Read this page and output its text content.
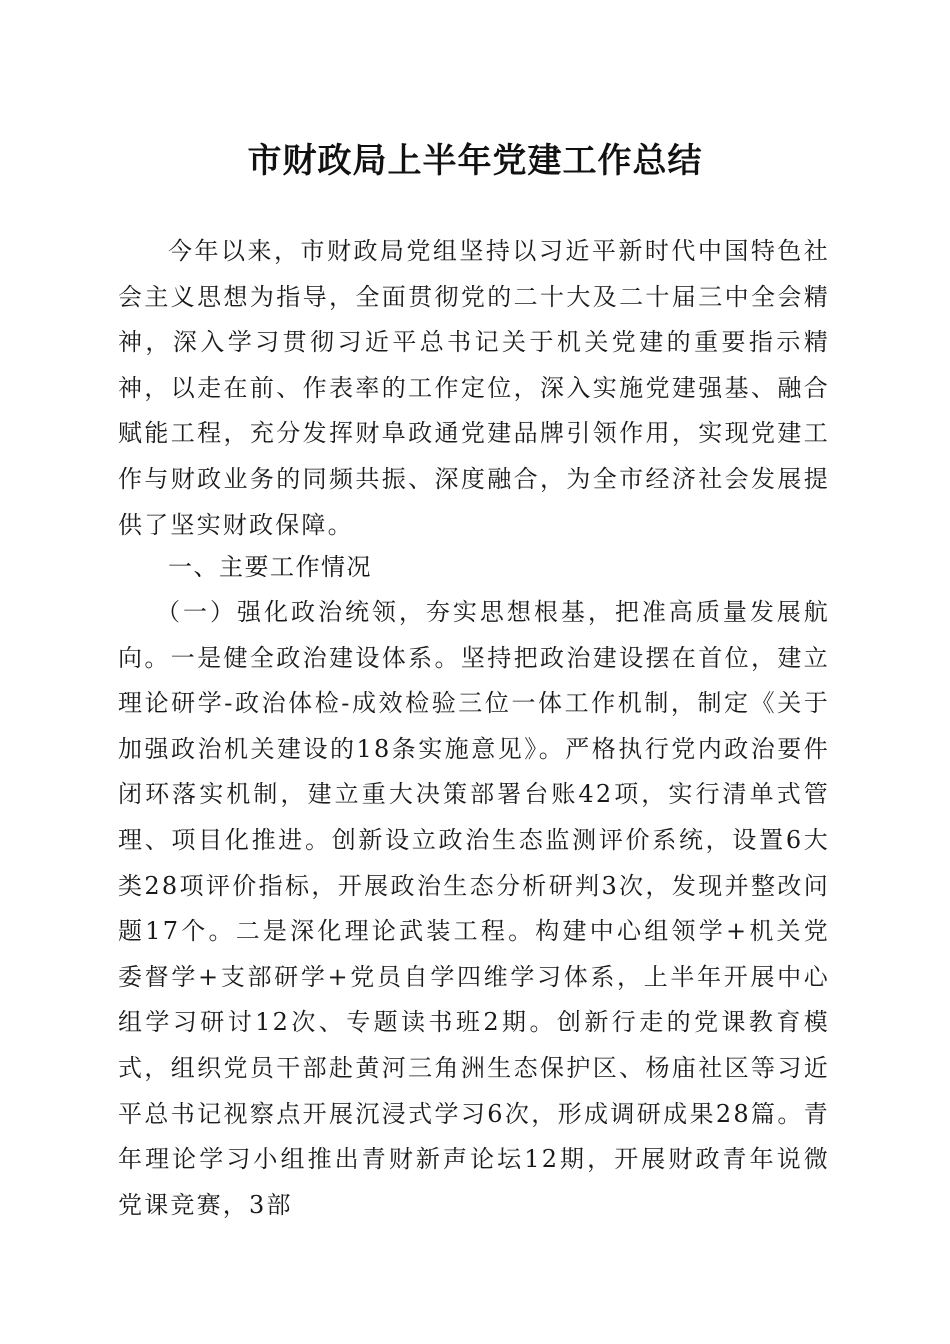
市财政局上半年党建工作总结
今年以来，市财政局党组坚持以习近平新时代中国特色社会主义思想为指导，全面贯彻党的二十大及二十届三中全会精神，深入学习贯彻习近平总书记关于机关党建的重要指示精神，以走在前、作表率的工作定位，深入实施党建强基、融合赋能工程，充分发挥财阜政通党建品牌引领作用，实现党建工作与财政业务的同频共振、深度融合，为全市经济社会发展提供了坚实财政保障。
一、主要工作情况
（一）强化政治统领，夯实思想根基，把准高质量发展航向。一是健全政治建设体系。坚持把政治建设摆在首位，建立理论研学-政治体检-成效检验三位一体工作机制，制定《关于加强政治机关建设的18条实施意见》。严格执行党内政治要件闭环落实机制，建立重大决策部署台账42项，实行清单式管理、项目化推进。创新设立政治生态监测评价系统，设置6大类28项评价指标，开展政治生态分析研判3次，发现并整改问题17个。二是深化理论武装工程。构建中心组领学+机关党委督学+支部研学+党员自学四维学习体系，上半年开展中心组学习研讨12次、专题读书班2期。创新行走的党课教育模式，组织党员干部赴黄河三角洲生态保护区、杨庙社区等习近平总书记视察点开展沉浸式学习6次，形成调研成果28篇。青年理论学习小组推出青财新声论坛12期，开展财政青年说微党课竞赛，3部
